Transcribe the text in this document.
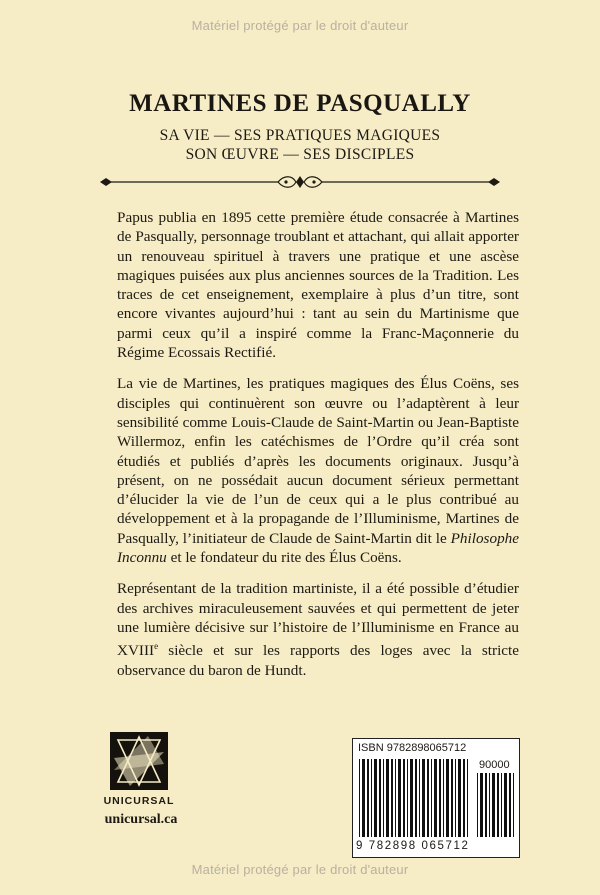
Matériel protégé par le droit d'auteur
MARTINES DE PASQUALLY
SA VIE — SES PRATIQUES MAGIQUES
SON ŒUVRE — SES DISCIPLES

Papus publia en 1895 cette première étude consacrée à Martines de Pasqually, personnage troublant et attachant, qui allait apporter un renouveau spirituel à travers une pratique et une ascèse magiques puisées aux plus anciennes sources de la Tradition. Les traces de cet enseignement, exemplaire à plus d’un titre, sont encore vivantes aujourd’hui : tant au sein du Martinisme que parmi ceux qu’il a inspiré comme la Franc-Maçonnerie du Régime Ecossais Rectifié.

La vie de Martines, les pratiques magiques des Élus Coëns, ses disciples qui continuèrent son œuvre ou l’adaptèrent à leur sensibilité comme Louis-Claude de Saint-Martin ou Jean-Baptiste Willermoz, enfin les catéchismes de l’Ordre qu’il créa sont étudiés et publiés d’après les documents originaux. Jusqu’à présent, on ne possédait aucun document sérieux permettant d’élucider la vie de l’un de ceux qui a le plus contribué au développement et à la propagande de l’Illuminisme, Martines de Pasqually, l’initiateur de Claude de Saint-Martin dit le Philosophe Inconnu et le fondateur du rite des Élus Coëns.

Représentant de la tradition martiniste, il a été possible d’étudier des archives miraculeusement sauvées et qui permettent de jeter une lumière décisive sur l’histoire de l’Illuminisme en France au XVIIIe siècle et sur les rapports des loges avec la stricte observance du baron de Hundt.

UNICURSAL
unicursal.ca
ISBN 9782898065712
90000
9 782898 065712
Matériel protégé par le droit d'auteur
